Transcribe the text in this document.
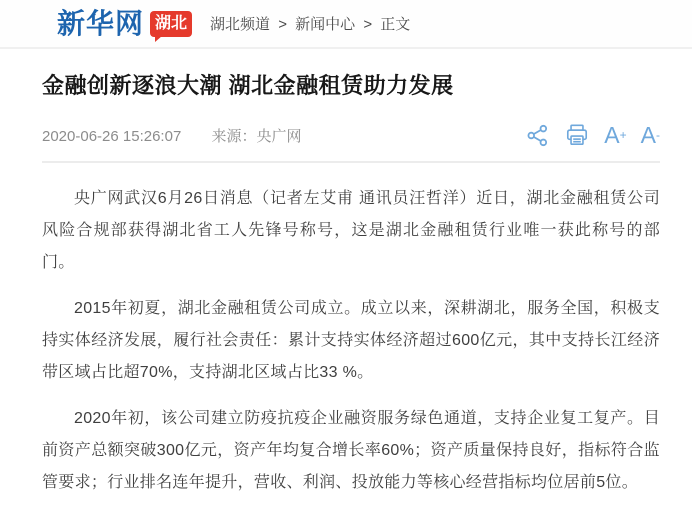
新华网 湖北	湖北频道 > 新闻中心 > 正文
金融创新逐浪大潮 湖北金融租赁助力发展
2020-06-26 15:26:07 来源：央广网	A + A -

央广网武汉6月26日消息（记者左艾甫 通讯员汪哲洋）近日，湖北金融租赁公司风险合规部获得湖北省工人先锋号称号，这是湖北金融租赁行业唯一获此称号的部门。

2015年初夏，湖北金融租赁公司成立。成立以来，深耕湖北，服务全国，积极支持实体经济发展，履行社会责任：累计支持实体经济超过600亿元，其中支持长江经济带区域占比超70%，支持湖北区域占比33 %。

2020年初，该公司建立防疫抗疫企业融资服务绿色通道，支持企业复工复产。目前资产总额突破300亿元，资产年均复合增长率60%；资产质量保持良好，指标符合监管要求；行业排名连年提升，营收、利润、投放能力等核心经营指标均位居前5位。
